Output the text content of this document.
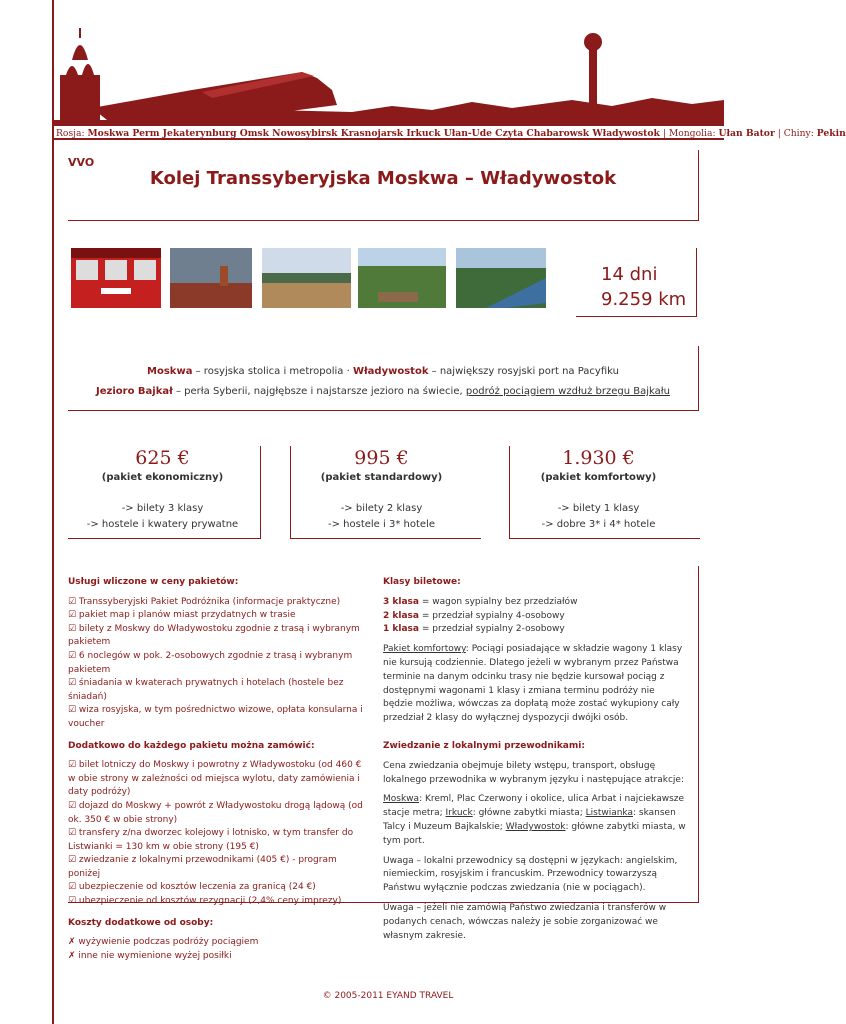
Rosja: Moskwa Perm Jekaterynburg Omsk Nowosybirsk Krasnojarsk Irkuck Ułan-Ude Czyta Chabarowsk Władywostok | Mongolia: Ułan Bator | Chiny: Pekin
VVO
Kolej Transsyberyjska Moskwa – Władywostok
14 dni
9.259 km
Moskwa – rosyjska stolica i metropolia · Władywostok – największy rosyjski port na Pacyfiku
Jezioro Bajkał – perła Syberii, najgłębsze i najstarsze jezioro na świecie, podróż pociągiem wzdłuż brzegu Bajkału
625 €
(pakiet ekonomiczny)
-> bilety 3 klasy
-> hostele i kwatery prywatne
995 €
(pakiet standardowy)
-> bilety 2 klasy
-> hostele i 3* hotele
1.930 €
(pakiet komfortowy)
-> bilety 1 klasy
-> dobre 3* i 4* hotele
Usługi wliczone w ceny pakietów:
☑ Transsyberyjski Pakiet Podróżnika (informacje praktyczne)
☑ pakiet map i planów miast przydatnych w trasie
☑ bilety z Moskwy do Władywostoku zgodnie z trasą i wybranym pakietem
☑ 6 noclegów w pok. 2-osobowych zgodnie z trasą i wybranym pakietem
☑ śniadania w kwaterach prywatnych i hotelach (hostele bez śniadań)
☑ wiza rosyjska, w tym pośrednictwo wizowe, opłata konsularna i voucher
Dodatkowo do każdego pakietu można zamówić:
☑ bilet lotniczy do Moskwy i powrotny z Władywostoku (od 460 € w obie strony w zależności od miejsca wylotu, daty zamówienia i daty podróży)
☑ dojazd do Moskwy + powrót z Władywostoku drogą lądową (od ok. 350 € w obie strony)
☑ transfery z/na dworzec kolejowy i lotnisko, w tym transfer do Listwianki = 130 km w obie strony (195 €)
☑ zwiedzanie z lokalnymi przewodnikami (405 €) - program poniżej
☑ ubezpieczenie od kosztów leczenia za granicą (24 €)
☑ ubezpieczenie od kosztów rezygnacji (2,4% ceny imprezy)
Koszty dodatkowe od osoby:
✗ wyżywienie podczas podróży pociągiem
✗ inne nie wymienione wyżej posiłki
Klasy biletowe:
3 klasa = wagon sypialny bez przedziałów
2 klasa = przedział sypialny 4-osobowy
1 klasa = przedział sypialny 2-osobowy

Pakiet komfortowy: Pociągi posiadające w składzie wagony 1 klasy nie kursują codziennie. Dlatego jeżeli w wybranym przez Państwa terminie na danym odcinku trasy nie będzie kursował pociąg z dostępnymi wagonami 1 klasy i zmiana terminu podróży nie będzie możliwa, wówczas za dopłatą może zostać wykupiony cały przedział 2 klasy do wyłącznej dyspozycji dwójki osób.

Zwiedzanie z lokalnymi przewodnikami:

Cena zwiedzania obejmuje bilety wstępu, transport, obsługę lokalnego przewodnika w wybranym języku i następujące atrakcje:

Moskwa: Kreml, Plac Czerwony i okolice, ulica Arbat i najciekawsze stacje metra; Irkuck: główne zabytki miasta; Listwianka: skansen Talcy i Muzeum Bajkalskie; Władywostok: główne zabytki miasta, w tym port.

Uwaga – lokalni przewodnicy są dostępni w językach: angielskim, niemieckim, rosyjskim i francuskim. Przewodnicy towarzyszą Państwu wyłącznie podczas zwiedzania (nie w pociągach).

Uwaga – jeżeli nie zamówią Państwo zwiedzania i transferów w podanych cenach, wówczas należy je sobie zorganizować we własnym zakresie.

© 2005-2011 EYAND TRAVEL
